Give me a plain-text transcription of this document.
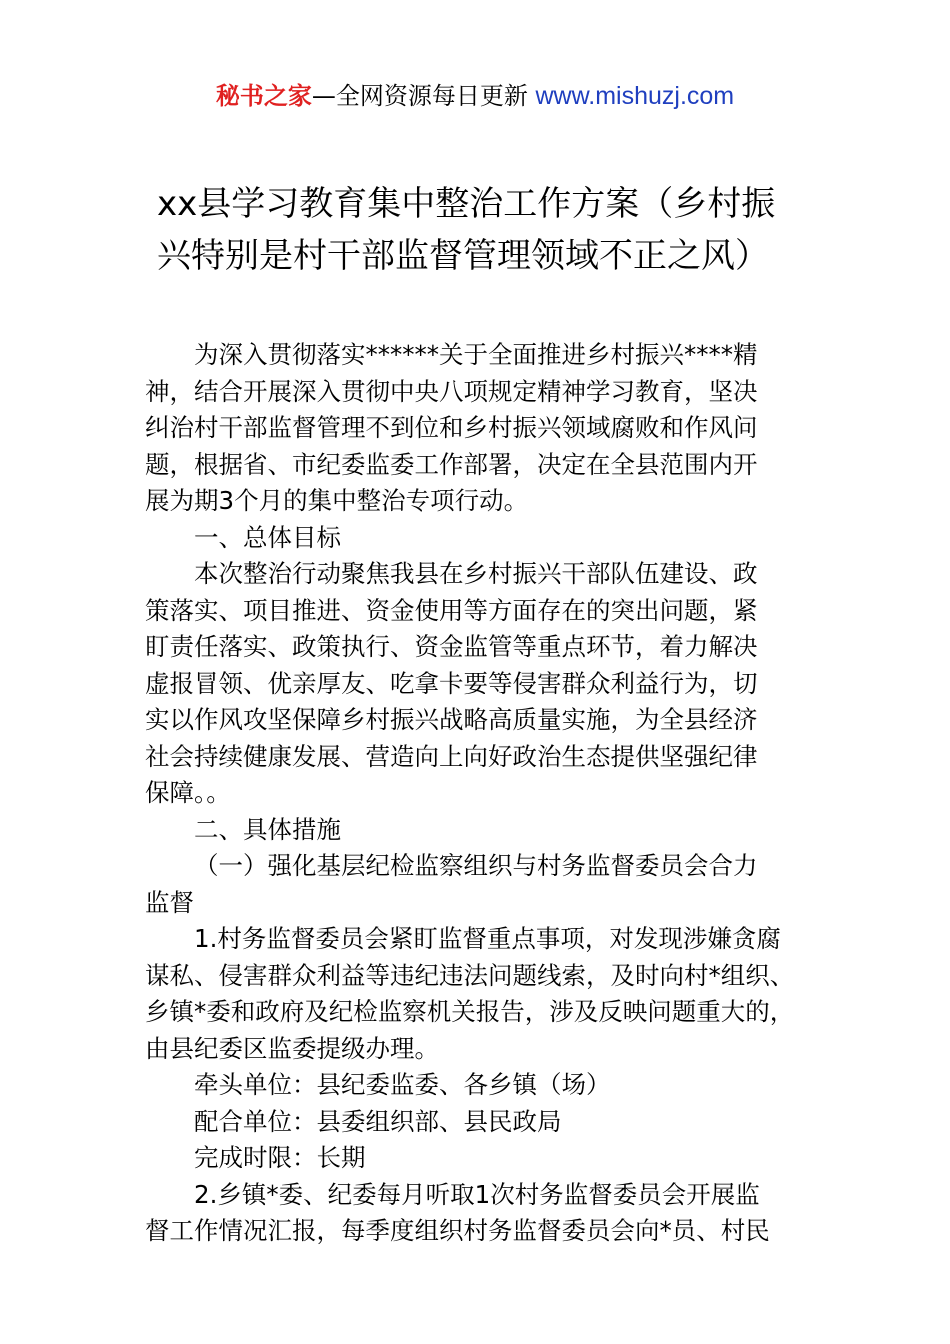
秘书之家—全网资源每日更新 www.mishuzj.com
xx县学习教育集中整治工作方案（乡村振
兴特别是村干部监督管理领域不正之风）
为深入贯彻落实******关于全面推进乡村振兴****精
神，结合开展深入贯彻中央八项规定精神学习教育，坚决
纠治村干部监督管理不到位和乡村振兴领域腐败和作风问
题，根据省、市纪委监委工作部署，决定在全县范围内开
展为期3个月的集中整治专项行动。
一、总体目标
本次整治行动聚焦我县在乡村振兴干部队伍建设、政
策落实、项目推进、资金使用等方面存在的突出问题，紧
盯责任落实、政策执行、资金监管等重点环节，着力解决
虚报冒领、优亲厚友、吃拿卡要等侵害群众利益行为，切
实以作风攻坚保障乡村振兴战略高质量实施，为全县经济
社会持续健康发展、营造向上向好政治生态提供坚强纪律
保障。。
二、具体措施
（一）强化基层纪检监察组织与村务监督委员会合力
监督
1.村务监督委员会紧盯监督重点事项，对发现涉嫌贪腐
谋私、侵害群众利益等违纪违法问题线索，及时向村*组织、
乡镇*委和政府及纪检监察机关报告，涉及反映问题重大的，
由县纪委区监委提级办理。
牵头单位：县纪委监委、各乡镇（场）
配合单位：县委组织部、县民政局
完成时限：长期
2.乡镇*委、纪委每月听取1次村务监督委员会开展监
督工作情况汇报，每季度组织村务监督委员会向*员、村民
